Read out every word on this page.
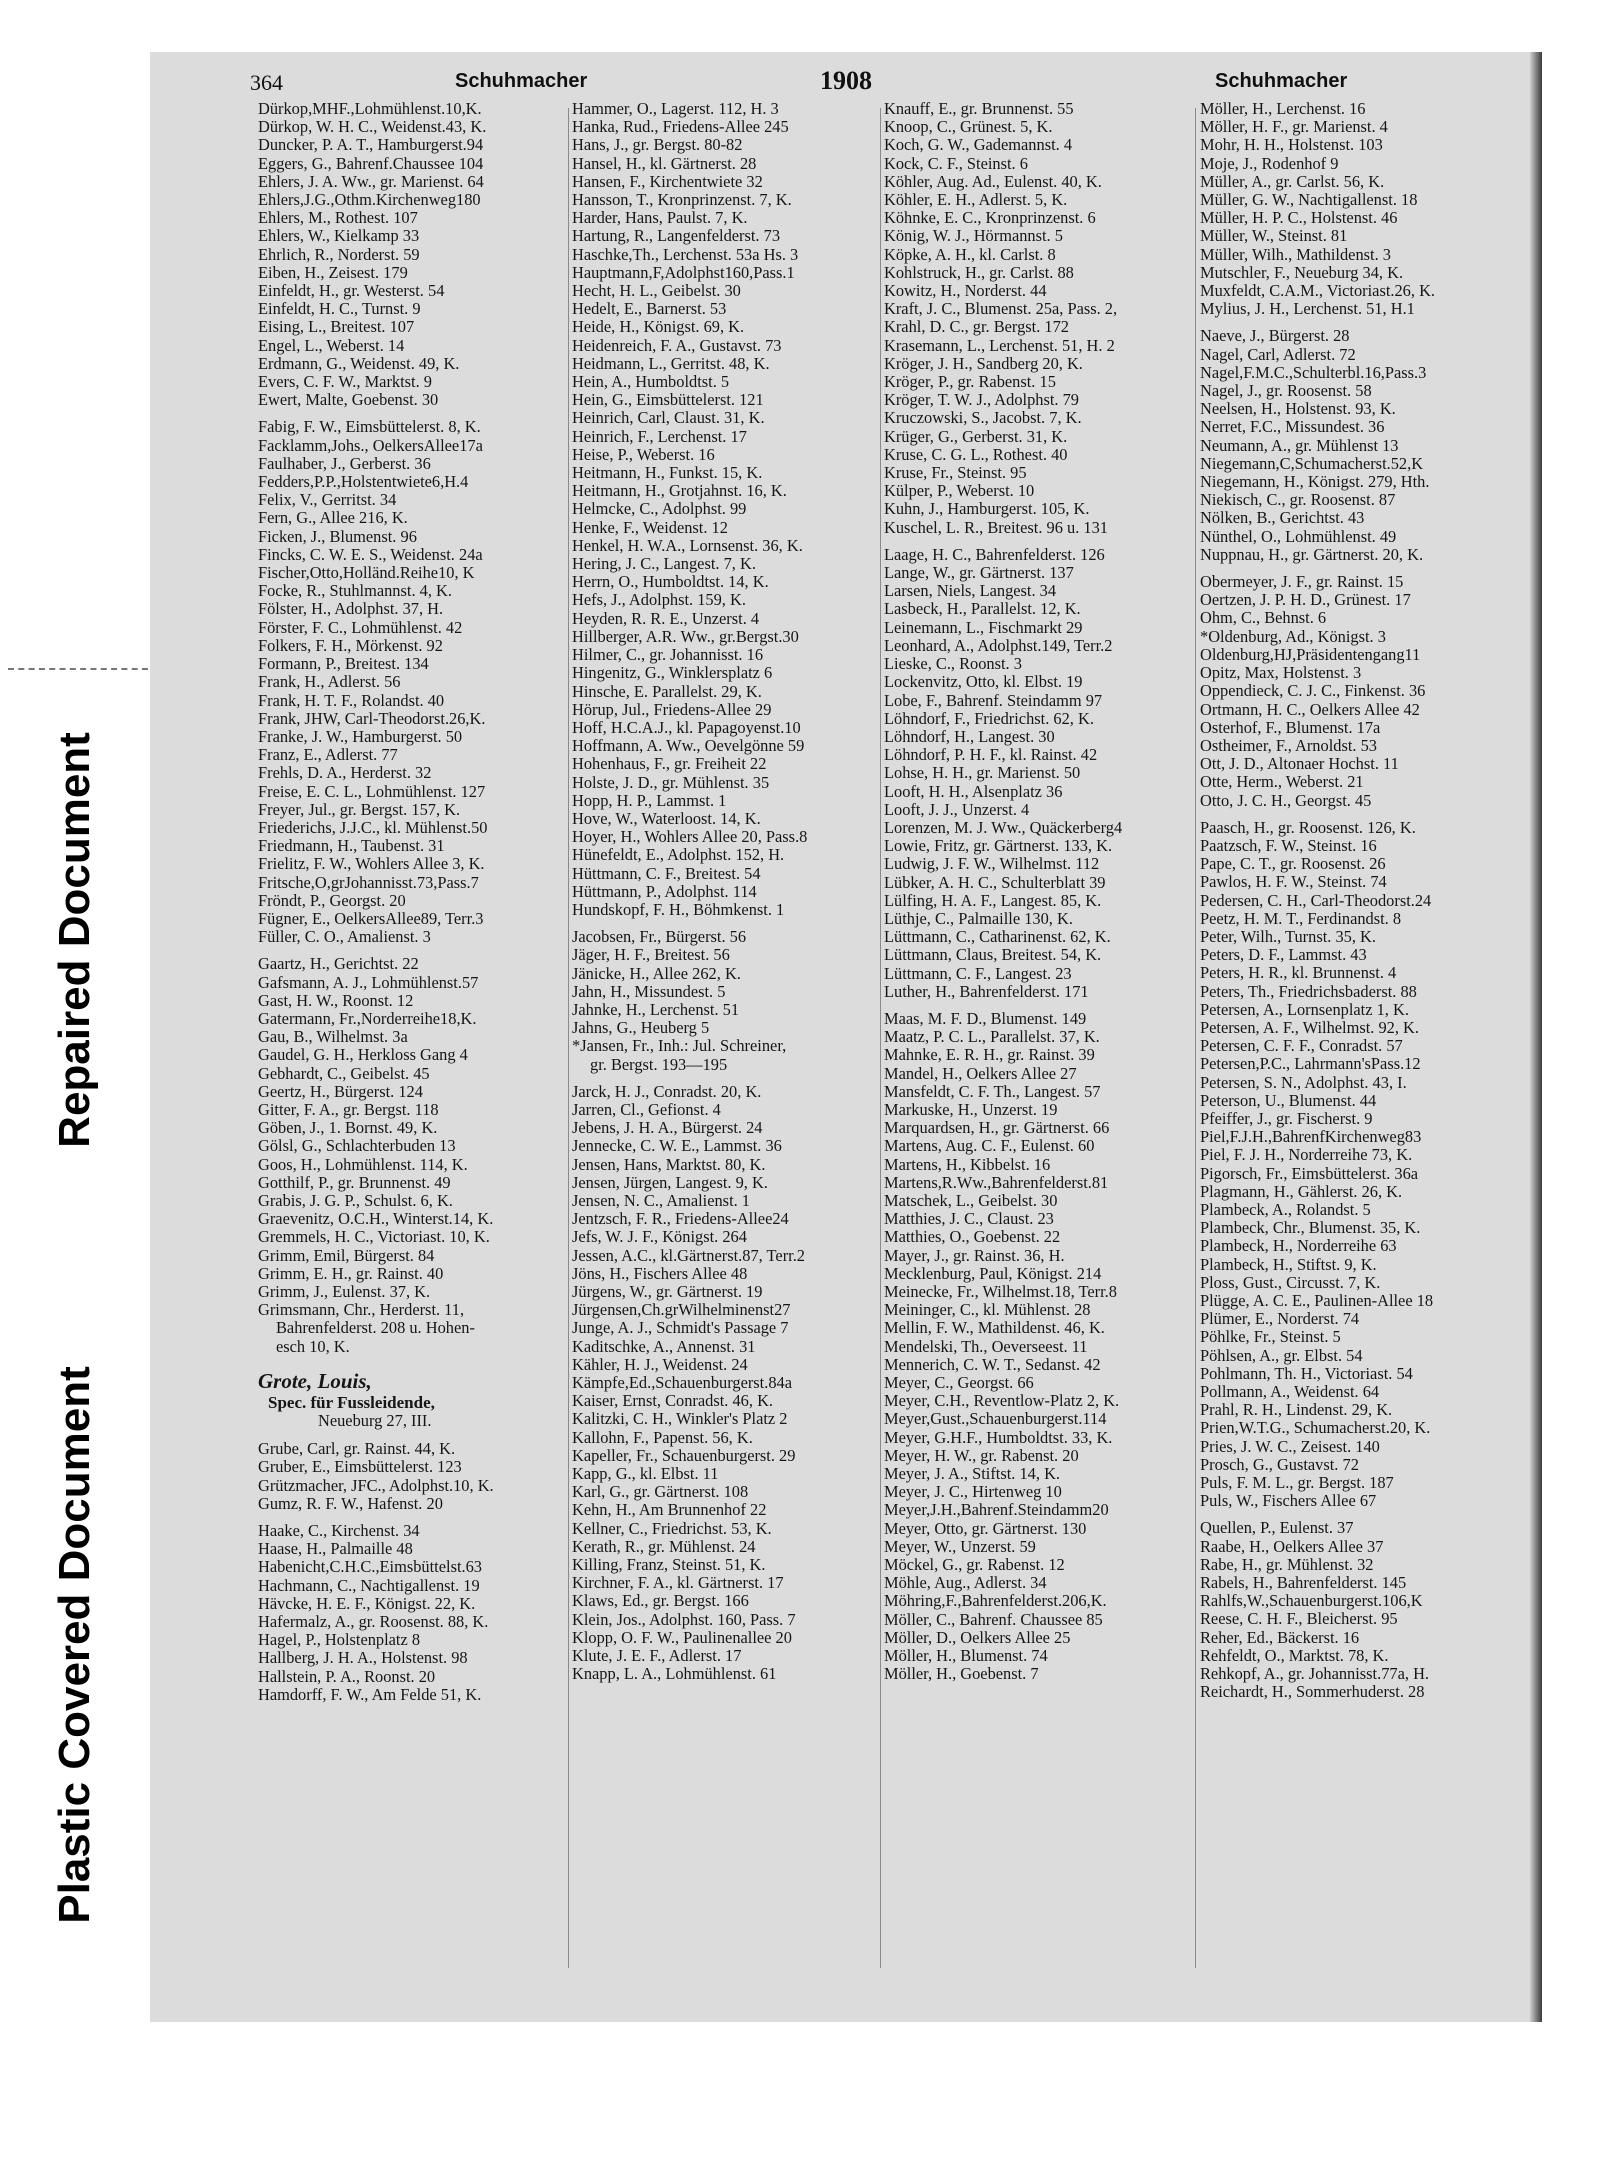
Repaired Document
Plastic Covered Document
364	Schuhmacher	1908	Schuhmacher
Dürkop,MHF.,Lohmühlenst.10,K.
Dürkop, W. H. C., Weidenst.43, K.
Duncker, P. A. T., Hamburgerst.94
Eggers, G., Bahrenf.Chaussee 104
Ehlers, J. A. Ww., gr. Marienst. 64
Ehlers,J.G.,Othm.Kirchenweg180
Ehlers, M., Rothest. 107
Ehlers, W., Kielkamp 33
Ehrlich, R., Norderst. 59
Eiben, H., Zeisest. 179
Einfeldt, H., gr. Westerst. 54
Einfeldt, H. C., Turnst. 9
Eising, L., Breitest. 107
Engel, L., Weberst. 14
Erdmann, G., Weidenst. 49, K.
Evers, C. F. W., Marktst. 9
Ewert, Malte, Goebenst. 30
Fabig, F. W., Eimsbüttelerst. 8, K.
Facklamm,Johs., OelkersAllee17a
Faulhaber, J., Gerberst. 36
Fedders,P.P.,Holstentwiete6,H.4
Felix, V., Gerritst. 34
Fern, G., Allee 216, K.
Ficken, J., Blumenst. 96
Fincks, C. W. E. S., Weidenst. 24a
Fischer,Otto,Holländ.Reihe10, K
Focke, R., Stuhlmannst. 4, K.
Fölster, H., Adolphst. 37, H.
Förster, F. C., Lohmühlenst. 42
Folkers, F. H., Mörkenst. 92
Formann, P., Breitest. 134
Frank, H., Adlerst. 56
Frank, H. T. F., Rolandst. 40
Frank, JHW, Carl-Theodorst.26,K.
Franke, J. W., Hamburgerst. 50
Franz, E., Adlerst. 77
Frehls, D. A., Herderst. 32
Freise, E. C. L., Lohmühlenst. 127
Freyer, Jul., gr. Bergst. 157, K.
Friederichs, J.J.C., kl. Mühlenst.50
Friedmann, H., Taubenst. 31
Frielitz, F. W., Wohlers Allee 3, K.
Fritsche,O,grJohannisst.73,Pass.7
Fröndt, P., Georgst. 20
Fügner, E., OelkersAllee89, Terr.3
Füller, C. O., Amalienst. 3
Gaartz, H., Gerichtst. 22
Gafsmann, A. J., Lohmühlenst.57
Gast, H. W., Roonst. 12
Gatermann, Fr.,Norderreihe18,K.
Gau, B., Wilhelmst. 3a
Gaudel, G. H., Herkloss Gang 4
Gebhardt, C., Geibelst. 45
Geertz, H., Bürgerst. 124
Gitter, F. A., gr. Bergst. 118
Göben, J., 1. Bornst. 49, K.
Gölsl, G., Schlachterbuden 13
Goos, H., Lohmühlenst. 114, K.
Gotthilf, P., gr. Brunnenst. 49
Grabis, J. G. P., Schulst. 6, K.
Graevenitz, O.C.H., Winterst.14, K.
Gremmels, H. C., Victoriast. 10, K.
Grimm, Emil, Bürgerst. 84
Grimm, E. H., gr. Rainst. 40
Grimm, J., Eulenst. 37, K.
Grimsmann, Chr., Herderst. 11,
Bahrenfelderst. 208 u. Hohen-
esch 10, K.
Grote, Louis,
Spec. für Fussleidende,
Neueburg 27, III.
Grube, Carl, gr. Rainst. 44, K.
Gruber, E., Eimsbüttelerst. 123
Grützmacher, JFC., Adolphst.10, K.
Gumz, R. F. W., Hafenst. 20
Haake, C., Kirchenst. 34
Haase, H., Palmaille 48
Habenicht,C.H.C.,Eimsbüttelst.63
Hachmann, C., Nachtigallenst. 19
Hävcke, H. E. F., Königst. 22, K.
Hafermalz, A., gr. Roosenst. 88, K.
Hagel, P., Holstenplatz 8
Hallberg, J. H. A., Holstenst. 98
Hallstein, P. A., Roonst. 20
Hamdorff, F. W., Am Felde 51, K.
Hammer, O., Lagerst. 112, H. 3
Hanka, Rud., Friedens-Allee 245
Hans, J., gr. Bergst. 80-82
Hansel, H., kl. Gärtnerst. 28
Hansen, F., Kirchentwiete 32
Hansson, T., Kronprinzenst. 7, K.
Harder, Hans, Paulst. 7, K.
Hartung, R., Langenfelderst. 73
Haschke,Th., Lerchenst. 53a Hs. 3
Hauptmann,F,Adolphst160,Pass.1
Hecht, H. L., Geibelst. 30
Hedelt, E., Barnerst. 53
Heide, H., Königst. 69, K.
Heidenreich, F. A., Gustavst. 73
Heidmann, L., Gerritst. 48, K.
Hein, A., Humboldtst. 5
Hein, G., Eimsbüttelerst. 121
Heinrich, Carl, Claust. 31, K.
Heinrich, F., Lerchenst. 17
Heise, P., Weberst. 16
Heitmann, H., Funkst. 15, K.
Heitmann, H., Grotjahnst. 16, K.
Helmcke, C., Adolphst. 99
Henke, F., Weidenst. 12
Henkel, H. W.A., Lornsenst. 36, K.
Hering, J. C., Langest. 7, K.
Herrn, O., Humboldtst. 14, K.
Hefs, J., Adolphst. 159, K.
Heyden, R. R. E., Unzerst. 4
Hillberger, A.R. Ww., gr.Bergst.30
Hilmer, C., gr. Johannisst. 16
Hingenitz, G., Winklersplatz 6
Hinsche, E. Parallelst. 29, K.
Hörup, Jul., Friedens-Allee 29
Hoff, H.C.A.J., kl. Papagoyenst.10
Hoffmann, A. Ww., Oevelgönne 59
Hohenhaus, F., gr. Freiheit 22
Holste, J. D., gr. Mühlenst. 35
Hopp, H. P., Lammst. 1
Hove, W., Waterloost. 14, K.
Hoyer, H., Wohlers Allee 20, Pass.8
Hünefeldt, E., Adolphst. 152, H.
Hüttmann, C. F., Breitest. 54
Hüttmann, P., Adolphst. 114
Hundskopf, F. H., Böhmkenst. 1
Jacobsen, Fr., Bürgerst. 56
Jäger, H. F., Breitest. 56
Jänicke, H., Allee 262, K.
Jahn, H., Missundest. 5
Jahnke, H., Lerchenst. 51
Jahns, G., Heuberg 5
*Jansen, Fr., Inh.: Jul. Schreiner,
gr. Bergst. 193—195
Jarck, H. J., Conradst. 20, K.
Jarren, Cl., Gefionst. 4
Jebens, J. H. A., Bürgerst. 24
Jennecke, C. W. E., Lammst. 36
Jensen, Hans, Marktst. 80, K.
Jensen, Jürgen, Langest. 9, K.
Jensen, N. C., Amalienst. 1
Jentzsch, F. R., Friedens-Allee24
Jefs, W. J. F., Königst. 264
Jessen, A.C., kl.Gärtnerst.87, Terr.2
Jöns, H., Fischers Allee 48
Jürgens, W., gr. Gärtnerst. 19
Jürgensen,Ch.grWilhelminenst27
Junge, A. J., Schmidt's Passage 7
Kaditschke, A., Annenst. 31
Kähler, H. J., Weidenst. 24
Kämpfe,Ed.,Schauenburgerst.84a
Kaiser, Ernst, Conradst. 46, K.
Kalitzki, C. H., Winkler's Platz 2
Kallohn, F., Papenst. 56, K.
Kapeller, Fr., Schauenburgerst. 29
Kapp, G., kl. Elbst. 11
Karl, G., gr. Gärtnerst. 108
Kehn, H., Am Brunnenhof 22
Kellner, C., Friedrichst. 53, K.
Kerath, R., gr. Mühlenst. 24
Killing, Franz, Steinst. 51, K.
Kirchner, F. A., kl. Gärtnerst. 17
Klaws, Ed., gr. Bergst. 166
Klein, Jos., Adolphst. 160, Pass. 7
Klopp, O. F. W., Paulinenallee 20
Klute, J. E. F., Adlerst. 17
Knapp, L. A., Lohmühlenst. 61
Knauff, E., gr. Brunnenst. 55
Knoop, C., Grünest. 5, K.
Koch, G. W., Gademannst. 4
Kock, C. F., Steinst. 6
Köhler, Aug. Ad., Eulenst. 40, K.
Köhler, E. H., Adlerst. 5, K.
Köhnke, E. C., Kronprinzenst. 6
König, W. J., Hörmannst. 5
Köpke, A. H., kl. Carlst. 8
Kohlstruck, H., gr. Carlst. 88
Kowitz, H., Norderst. 44
Kraft, J. C., Blumenst. 25a, Pass. 2,
Krahl, D. C., gr. Bergst. 172
Krasemann, L., Lerchenst. 51, H. 2
Kröger, J. H., Sandberg 20, K.
Kröger, P., gr. Rabenst. 15
Kröger, T. W. J., Adolphst. 79
Kruczowski, S., Jacobst. 7, K.
Krüger, G., Gerberst. 31, K.
Kruse, C. G. L., Rothest. 40
Kruse, Fr., Steinst. 95
Külper, P., Weberst. 10
Kuhn, J., Hamburgerst. 105, K.
Kuschel, L. R., Breitest. 96 u. 131
Laage, H. C., Bahrenfelderst. 126
Lange, W., gr. Gärtnerst. 137
Larsen, Niels, Langest. 34
Lasbeck, H., Parallelst. 12, K.
Leinemann, L., Fischmarkt 29
Leonhard, A., Adolphst.149, Terr.2
Lieske, C., Roonst. 3
Lockenvitz, Otto, kl. Elbst. 19
Lobe, F., Bahrenf. Steindamm 97
Löhndorf, F., Friedrichst. 62, K.
Löhndorf, H., Langest. 30
Löhndorf, P. H. F., kl. Rainst. 42
Lohse, H. H., gr. Marienst. 50
Looft, H. H., Alsenplatz 36
Looft, J. J., Unzerst. 4
Lorenzen, M. J. Ww., Quäckerberg4
Lowie, Fritz, gr. Gärtnerst. 133, K.
Ludwig, J. F. W., Wilhelmst. 112
Lübker, A. H. C., Schulterblatt 39
Lülfing, H. A. F., Langest. 85, K.
Lüthje, C., Palmaille 130, K.
Lüttmann, C., Catharinenst. 62, K.
Lüttmann, Claus, Breitest. 54, K.
Lüttmann, C. F., Langest. 23
Luther, H., Bahrenfelderst. 171
Maas, M. F. D., Blumenst. 149
Maatz, P. C. L., Parallelst. 37, K.
Mahnke, E. R. H., gr. Rainst. 39
Mandel, H., Oelkers Allee 27
Mansfeldt, C. F. Th., Langest. 57
Markuske, H., Unzerst. 19
Marquardsen, H., gr. Gärtnerst. 66
Martens, Aug. C. F., Eulenst. 60
Martens, H., Kibbelst. 16
Martens,R.Ww.,Bahrenfelderst.81
Matschek, L., Geibelst. 30
Matthies, J. C., Claust. 23
Matthies, O., Goebenst. 22
Mayer, J., gr. Rainst. 36, H.
Mecklenburg, Paul, Königst. 214
Meinecke, Fr., Wilhelmst.18, Terr.8
Meininger, C., kl. Mühlenst. 28
Mellin, F. W., Mathildenst. 46, K.
Mendelski, Th., Oeverseest. 11
Mennerich, C. W. T., Sedanst. 42
Meyer, C., Georgst. 66
Meyer, C.H., Reventlow-Platz 2, K.
Meyer,Gust.,Schauenburgerst.114
Meyer, G.H.F., Humboldtst. 33, K.
Meyer, H. W., gr. Rabenst. 20
Meyer, J. A., Stiftst. 14, K.
Meyer, J. C., Hirtenweg 10
Meyer,J.H.,Bahrenf.Steindamm20
Meyer, Otto, gr. Gärtnerst. 130
Meyer, W., Unzerst. 59
Möckel, G., gr. Rabenst. 12
Möhle, Aug., Adlerst. 34
Möhring,F.,Bahrenfelderst.206,K.
Möller, C., Bahrenf. Chaussee 85
Möller, D., Oelkers Allee 25
Möller, H., Blumenst. 74
Möller, H., Goebenst. 7
Möller, H., Lerchenst. 16
Möller, H. F., gr. Marienst. 4
Mohr, H. H., Holstenst. 103
Moje, J., Rodenhof 9
Müller, A., gr. Carlst. 56, K.
Müller, G. W., Nachtigallenst. 18
Müller, H. P. C., Holstenst. 46
Müller, W., Steinst. 81
Müller, Wilh., Mathildenst. 3
Mutschler, F., Neueburg 34, K.
Muxfeldt, C.A.M., Victoriast.26, K.
Mylius, J. H., Lerchenst. 51, H.1
Naeve, J., Bürgerst. 28
Nagel, Carl, Adlerst. 72
Nagel,F.M.C.,Schulterbl.16,Pass.3
Nagel, J., gr. Roosenst. 58
Neelsen, H., Holstenst. 93, K.
Nerret, F.C., Missundest. 36
Neumann, A., gr. Mühlenst 13
Niegemann,C,Schumacherst.52,K
Niegemann, H., Königst. 279, Hth.
Niekisch, C., gr. Roosenst. 87
Nölken, B., Gerichtst. 43
Nünthel, O., Lohmühlenst. 49
Nuppnau, H., gr. Gärtnerst. 20, K.
Obermeyer, J. F., gr. Rainst. 15
Oertzen, J. P. H. D., Grünest. 17
Ohm, C., Behnst. 6
*Oldenburg, Ad., Königst. 3
Oldenburg,HJ,Präsidentengang11
Opitz, Max, Holstenst. 3
Oppendieck, C. J. C., Finkenst. 36
Ortmann, H. C., Oelkers Allee 42
Osterhof, F., Blumenst. 17a
Ostheimer, F., Arnoldst. 53
Ott, J. D., Altonaer Hochst. 11
Otte, Herm., Weberst. 21
Otto, J. C. H., Georgst. 45
Paasch, H., gr. Roosenst. 126, K.
Paatzsch, F. W., Steinst. 16
Pape, C. T., gr. Roosenst. 26
Pawlos, H. F. W., Steinst. 74
Pedersen, C. H., Carl-Theodorst.24
Peetz, H. M. T., Ferdinandst. 8
Peter, Wilh., Turnst. 35, K.
Peters, D. F., Lammst. 43
Peters, H. R., kl. Brunnenst. 4
Peters, Th., Friedrichsbaderst. 88
Petersen, A., Lornsenplatz 1, K.
Petersen, A. F., Wilhelmst. 92, K.
Petersen, C. F. F., Conradst. 57
Petersen,P.C., Lahrmann'sPass.12
Petersen, S. N., Adolphst. 43, I.
Peterson, U., Blumenst. 44
Pfeiffer, J., gr. Fischerst. 9
Piel,F.J.H.,BahrenfKirchenweg83
Piel, F. J. H., Norderreihe 73, K.
Pigorsch, Fr., Eimsbüttelerst. 36a
Plagmann, H., Gählerst. 26, K.
Plambeck, A., Rolandst. 5
Plambeck, Chr., Blumenst. 35, K.
Plambeck, H., Norderreihe 63
Plambeck, H., Stiftst. 9, K.
Ploss, Gust., Circusst. 7, K.
Plügge, A. C. E., Paulinen-Allee 18
Plümer, E., Norderst. 74
Pöhlke, Fr., Steinst. 5
Pöhlsen, A., gr. Elbst. 54
Pohlmann, Th. H., Victoriast. 54
Pollmann, A., Weidenst. 64
Prahl, R. H., Lindenst. 29, K.
Prien,W.T.G., Schumacherst.20, K.
Pries, J. W. C., Zeisest. 140
Prosch, G., Gustavst. 72
Puls, F. M. L., gr. Bergst. 187
Puls, W., Fischers Allee 67
Quellen, P., Eulenst. 37
Raabe, H., Oelkers Allee 37
Rabe, H., gr. Mühlenst. 32
Rabels, H., Bahrenfelderst. 145
Rahlfs,W.,Schauenburgerst.106,K
Reese, C. H. F., Bleicherst. 95
Reher, Ed., Bäckerst. 16
Rehfeldt, O., Marktst. 78, K.
Rehkopf, A., gr. Johannisst.77a, H.
Reichardt, H., Sommerhuderst. 28
